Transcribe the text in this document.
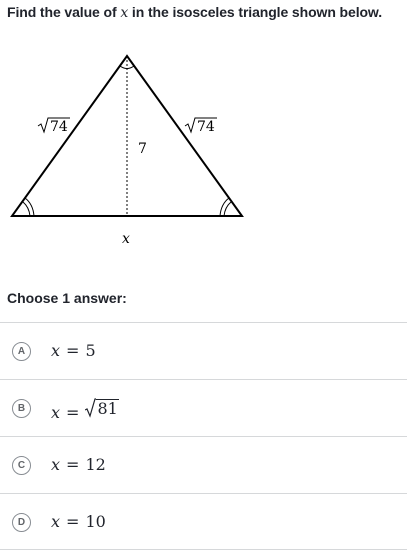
Find the value of x in the isosceles triangle shown below.
74	74
7
x
Choose 1 answer:
A	x = 5
B	x = 81
C	x = 12
D	x = 10
